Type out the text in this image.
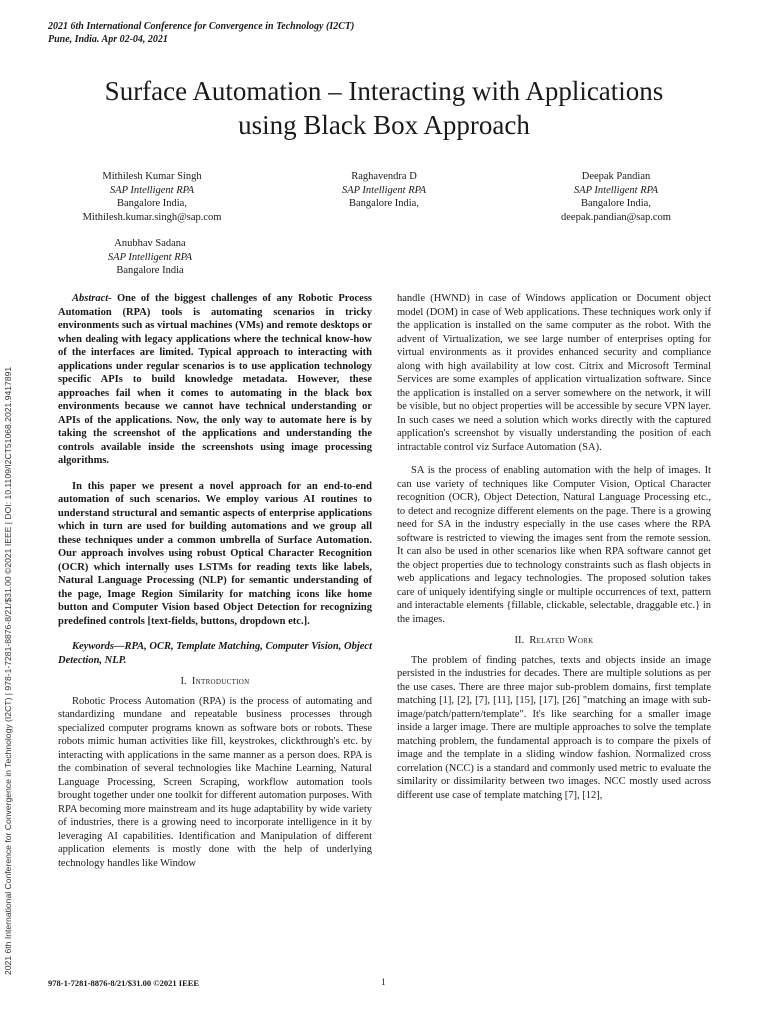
2021 6th International Conference for Convergence in Technology (I2CT)
Pune, India. Apr 02-04, 2021
Surface Automation – Interacting with Applications
using Black Box Approach
Mithilesh Kumar Singh
SAP Intelligent RPA
Bangalore India,
Mithilesh.kumar.singh@sap.com
Raghavendra D
SAP Intelligent RPA
Bangalore India,
Deepak Pandian
SAP Intelligent RPA
Bangalore India,
deepak.pandian@sap.com
Anubhav Sadana
SAP Intelligent RPA
Bangalore India
2021 6th International Conference for Convergence in Technology (I2CT) | 978-1-7281-8876-8/21/$31.00 ©2021 IEEE | DOI: 10.1109/I2CT51068.2021.9417891

Abstract- One of the biggest challenges of any Robotic Process Automation (RPA) tools is automating scenarios in tricky environments such as virtual machines (VMs) and remote desktops or when dealing with legacy applications where the technical know-how of the interfaces are limited. Typical approach to interacting with applications under regular scenarios is to use application technology specific APIs to build knowledge metadata. However, these approaches fail when it comes to automating in the black box environments because we cannot have technical understanding or APIs of the applications. Now, the only way to automate here is by taking the screenshot of the applications and understanding the controls available inside the screenshots using image processing algorithms.

In this paper we present a novel approach for an end-to-end automation of such scenarios. We employ various AI routines to understand structural and semantic aspects of enterprise applications which in turn are used for building automations and we group all these techniques under a common umbrella of Surface Automation. Our approach involves using robust Optical Character Recognition (OCR) which internally uses LSTMs for reading texts like labels, Natural Language Processing (NLP) for semantic understanding of the page, Image Region Similarity for matching icons like home button and Computer Vision based Object Detection for recognizing predefined controls [text-fields, buttons, dropdown etc.].

Keywords—RPA, OCR, Template Matching, Computer Vision, Object Detection, NLP.

I. Introduction

Robotic Process Automation (RPA) is the process of automating and standardizing mundane and repeatable business processes through specialized computer programs known as software bots or robots. These robots mimic human activities like fill, keystrokes, clickthrough's etc. by interacting with applications in the same manner as a person does. RPA is the combination of several technologies like Machine Learning, Natural Language Processing, Screen Scraping, workflow automation tools brought together under one toolkit for different automation purposes. With RPA becoming more mainstream and its huge adaptability by wide variety of industries, there is a growing need to incorporate intelligence in it by leveraging AI capabilities. Identification and Manipulation of different application elements is mostly done with the help of underlying technology handles like Window

handle (HWND) in case of Windows application or Document object model (DOM) in case of Web applications. These techniques work only if the application is installed on the same computer as the robot. With the advent of Virtualization, we see large number of enterprises opting for virtual environments as it provides enhanced security and compliance along with high availability at low cost. Citrix and Microsoft Terminal Services are some examples of application virtualization software. Since the application is installed on a server somewhere on the network, it will be visible, but no object properties will be accessible by secure VPN layer. In such cases we need a solution which works directly with the captured application's screenshot by visually understanding the position of each intractable control viz Surface Automation (SA).

SA is the process of enabling automation with the help of images. It can use variety of techniques like Computer Vision, Optical Character recognition (OCR), Object Detection, Natural Language Processing etc., to detect and recognize different elements on the page. There is a growing need for SA in the industry especially in the use cases where the RPA software is restricted to viewing the images sent from the remote session. It can also be used in other scenarios like when RPA software cannot get the object properties due to technology constraints such as flash objects in web applications and legacy technologies. The proposed solution takes care of uniquely identifying single or multiple occurrences of text, pattern and interactable elements {fillable, clickable, selectable, draggable etc.} in the images.

II. Related Work

The problem of finding patches, texts and objects inside an image persisted in the industries for decades. There are multiple solutions as per the use cases. There are three major sub-problem domains, first template matching [1], [2], [7], [11], [15], [17], [26] "matching an image with sub-image/patch/pattern/template". It's like searching for a smaller image inside a larger image. There are multiple approaches to solve the template matching problem, the fundamental approach is to compare the pixels of image and the template in a sliding window fashion. Normalized cross correlation (NCC) is a standard and commonly used metric to evaluate the similarity or dissimilarity between two images. NCC mostly used across different use case of template matching [7], [12],

978-1-7281-8876-8/21/$31.00 ©2021 IEEE	1
